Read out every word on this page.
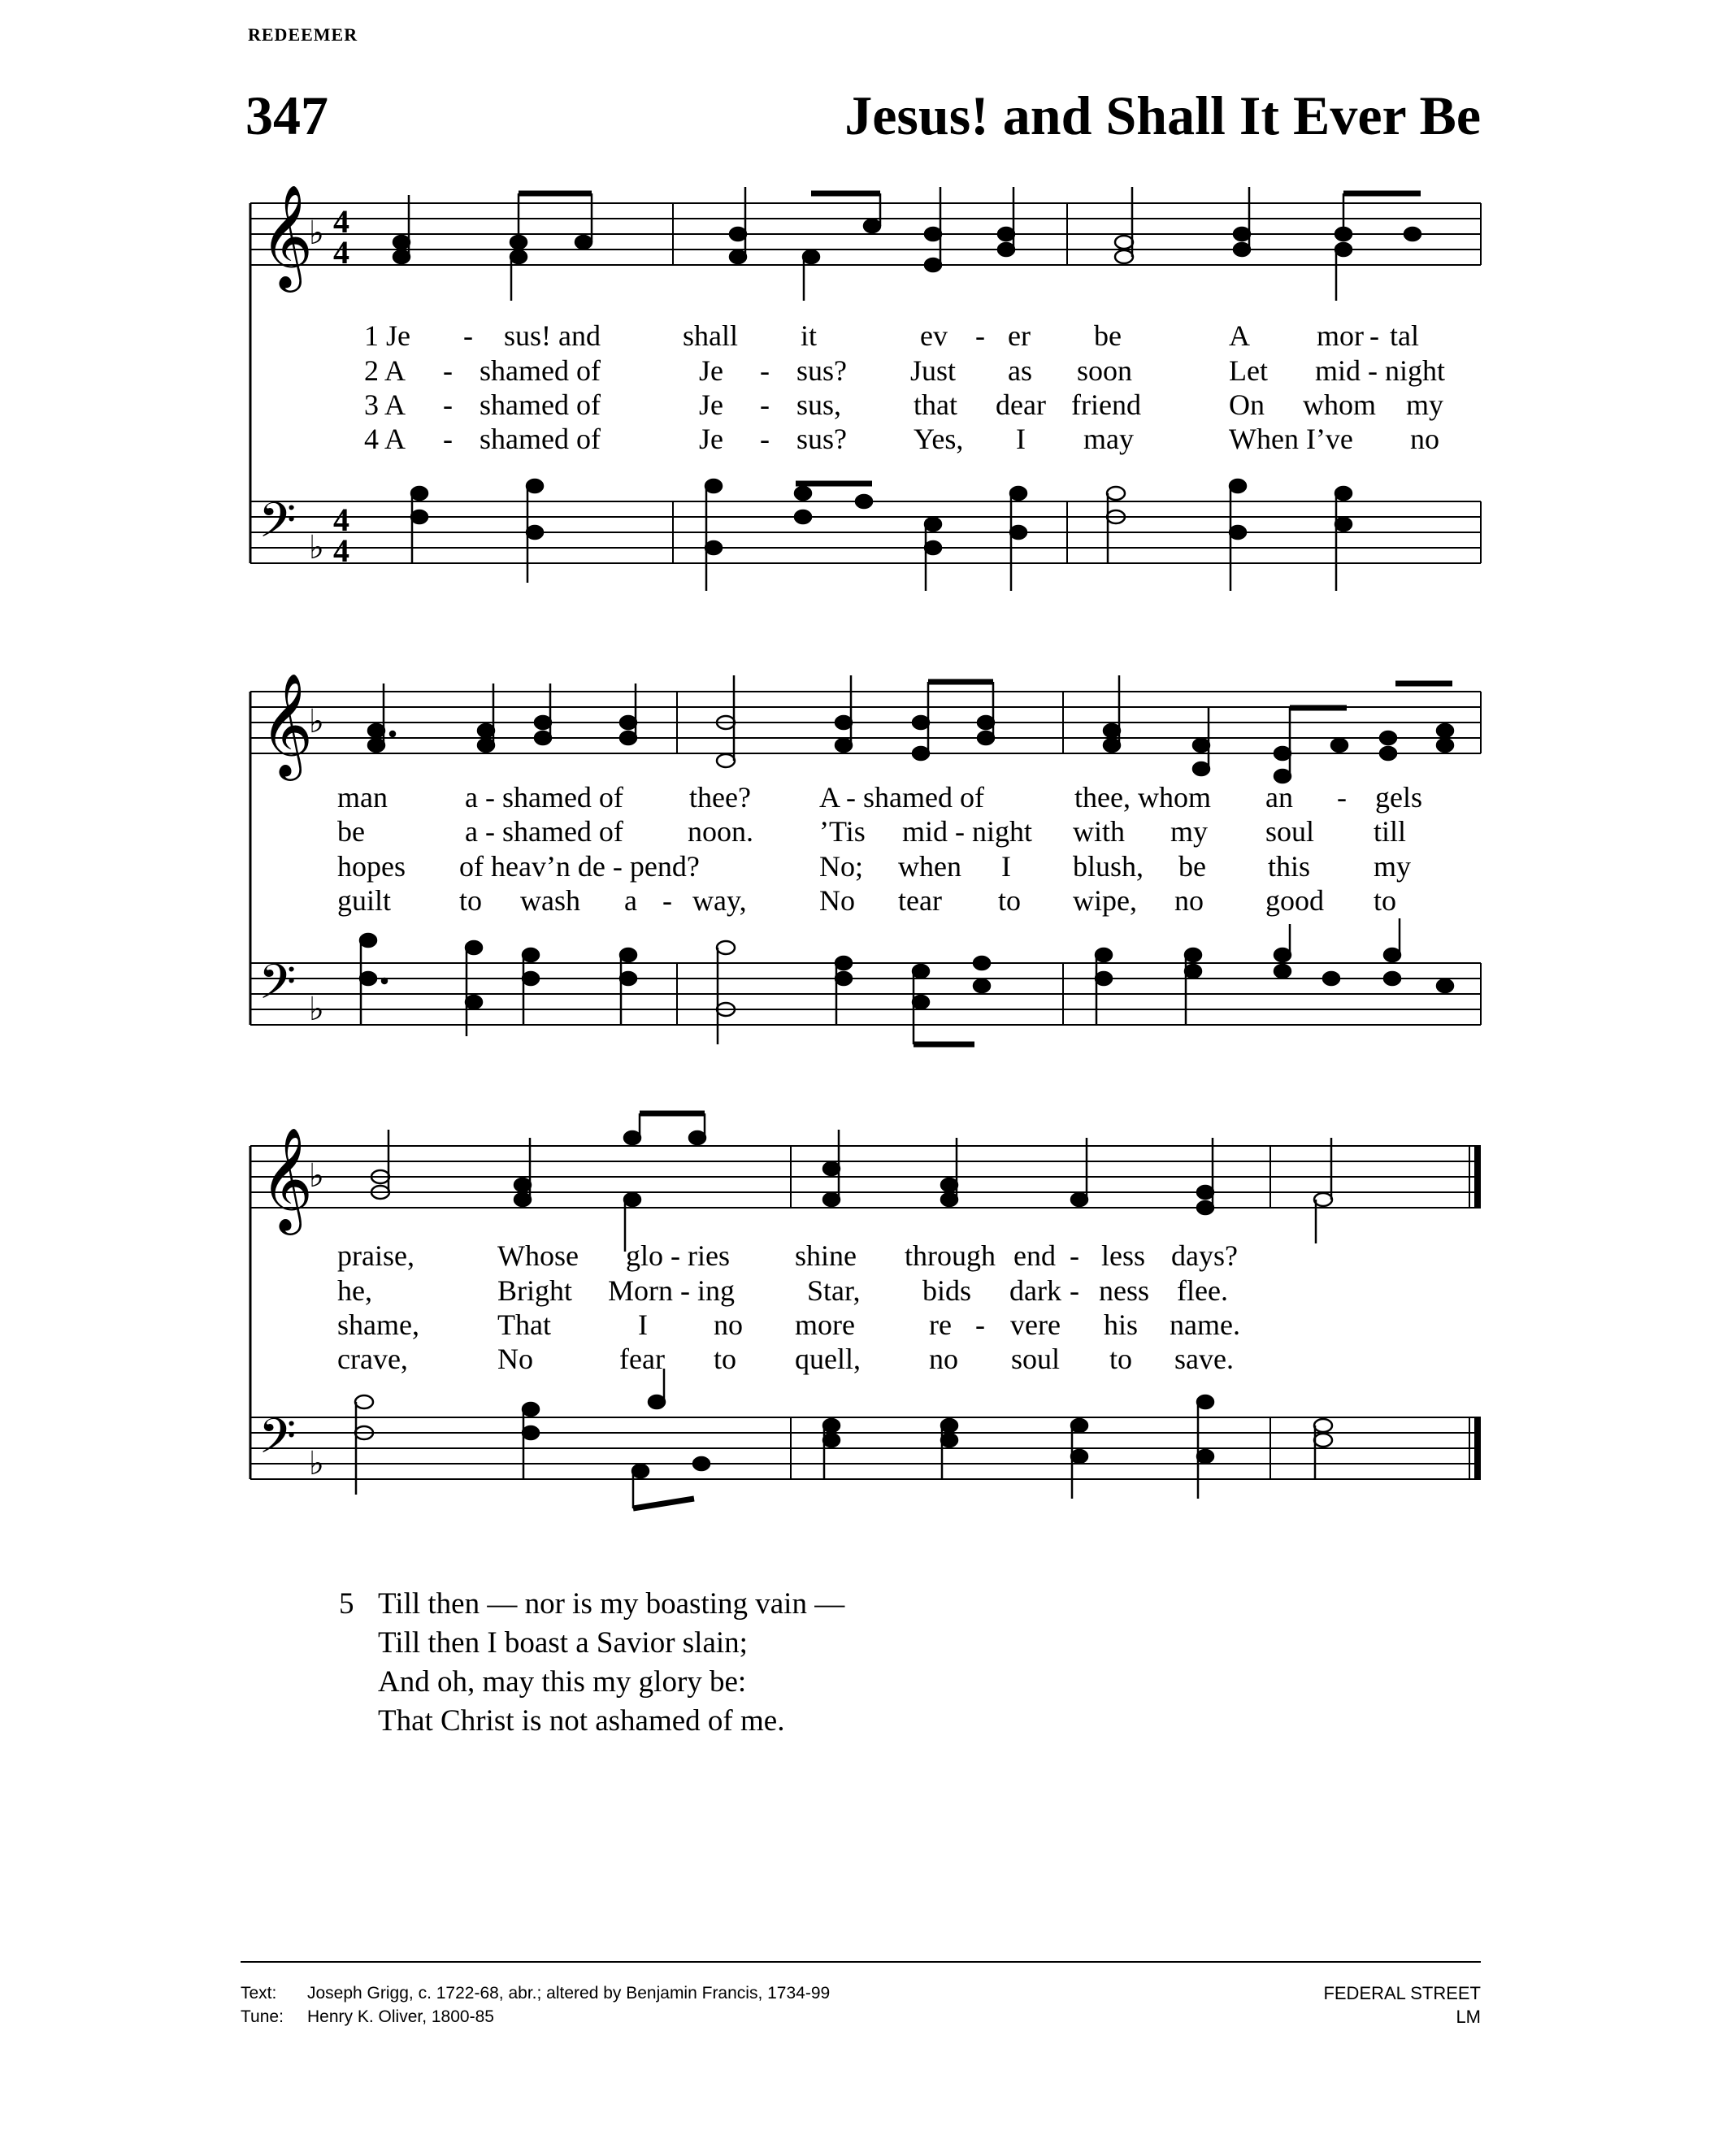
REDEEMER
347	Jesus! and Shall It Ever Be
𝄞
♭ 4
4
1 Je - sus! and	shall it	ev - er be	A mor - tal
2 A - shamed of	Je - sus? Just as soon	Let mid - night
3 A - shamed of	Je - sus, that dear friend	On whom my
4 A - shamed of	Je - sus? Yes, I may	When I’ve no
𝄢 ♭
4
4
𝄞
♭
man	a - shamed of thee? A - shamed of	thee, whom an - gels
be	a - shamed of noon. ’Tis mid - night with my soul till
hopes of heav’n de - pend?	No; when I blush, be this my
guilt to wash a - way, No tear to wipe, no good to
𝄢 ♭
𝄞
♭
praise,	Whose glo - ries shine through end - less days?
he,	Bright Morn - ing Star, bids dark - ness flee.
shame,	That	I no more	re - vere his name.
crave,	No	fear to quell, no soul to save.
𝄢 ♭
5 Till then — nor is my boasting vain —
Till then I boast a Savior slain;
And oh, may this my glory be:
That Christ is not ashamed of me.
Text: Joseph Grigg, c. 1722-68, abr.; altered by Benjamin Francis, 1734-99
Tune: Henry K. Oliver, 1800-85
FEDERAL STREET
LM
